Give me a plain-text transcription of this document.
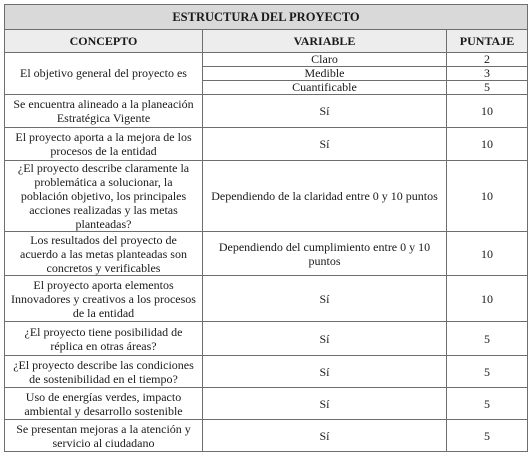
ESTRUCTURA DEL PROYECTO		
CONCEPTO	VARIABLE	PUNTAJE
El objetivo general del proyecto es	Claro	2
	Medible	3
	Cuantificable	5
Se encuentra alineado a la planeación Estratégica Vigente	Sí	10
El proyecto aporta a la mejora de los procesos de la entidad	Sí	10
¿El proyecto describe claramente la problemática a solucionar, la población objetivo, los principales acciones realizadas y las metas planteadas?	Dependiendo de la claridad entre 0 y 10 puntos	10
Los resultados del proyecto de acuerdo a las metas planteadas son concretos y verificables	Dependiendo del cumplimiento entre 0 y 10 puntos	10
El proyecto aporta elementos Innovadores y creativos a los procesos de la entidad	Sí	10
¿El proyecto tiene posibilidad de réplica en otras áreas?	Sí	5
¿El proyecto describe las condiciones de sostenibilidad en el tiempo?	Sí	5
Uso de energías verdes, impacto ambiental y desarrollo sostenible	Sí	5
Se presentan mejoras a la atención y servicio al ciudadano	Sí	5
